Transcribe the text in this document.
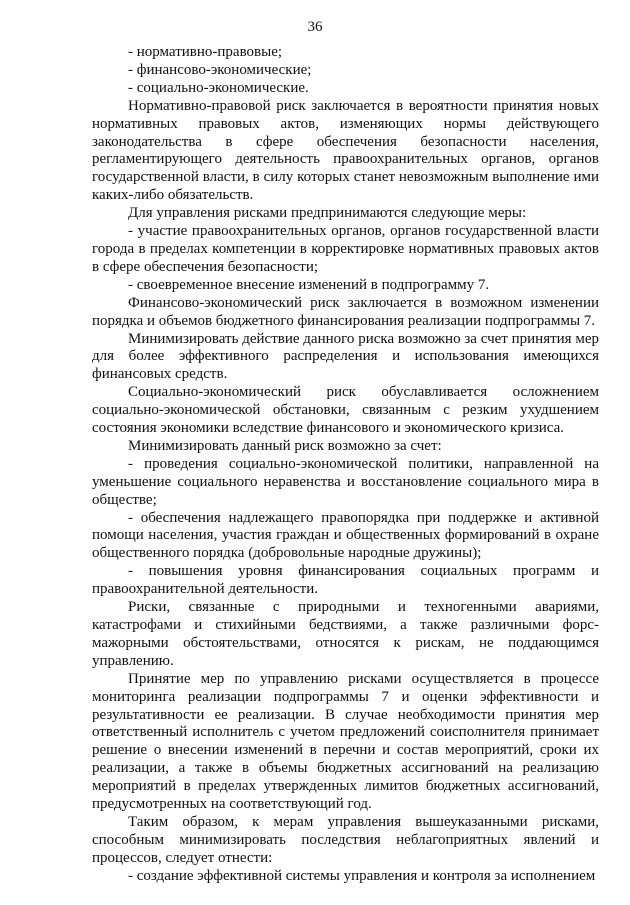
36

- нормативно-правовые;

- финансово-экономические;

- социально-экономические.

Нормативно-правовой риск заключается в вероятности принятия новых нормативных правовых актов, изменяющих нормы действующего законодательства в сфере обеспечения безопасности населения, регламентирующего деятельность правоохранительных органов, органов государственной власти, в силу которых станет невозможным выполнение ими каких-либо обязательств.

Для управления рисками предпринимаются следующие меры:

- участие правоохранительных органов, органов государственной власти города в пределах компетенции в корректировке нормативных правовых актов в сфере обеспечения безопасности;

- своевременное внесение изменений в подпрограмму 7.

Финансово-экономический риск заключается в возможном изменении порядка и объемов бюджетного финансирования реализации подпрограммы 7.

Минимизировать действие данного риска возможно за счет принятия мер для более эффективного распределения и использования имеющихся финансовых средств.

Социально-экономический риск обуславливается осложнением социально-экономической обстановки, связанным с резким ухудшением состояния экономики вследствие финансового и экономического кризиса.

Минимизировать данный риск возможно за счет:

- проведения социально-экономической политики, направленной на уменьшение социального неравенства и восстановление социального мира в обществе;

- обеспечения надлежащего правопорядка при поддержке и активной помощи населения, участия граждан и общественных формирований в охране общественного порядка (добровольные народные дружины);

- повышения уровня финансирования социальных программ и правоохранительной деятельности.

Риски, связанные с природными и техногенными авариями, катастрофами и стихийными бедствиями, а также различными форс-мажорными обстоятельствами, относятся к рискам, не поддающимся управлению.

Принятие мер по управлению рисками осуществляется в процессе мониторинга реализации подпрограммы 7 и оценки эффективности и результативности ее реализации. В случае необходимости принятия мер ответственный исполнитель с учетом предложений соисполнителя принимает решение о внесении изменений в перечни и состав мероприятий, сроки их реализации, а также в объемы бюджетных ассигнований на реализацию мероприятий в пределах утвержденных лимитов бюджетных ассигнований, предусмотренных на соответствующий год.

Таким образом, к мерам управления вышеуказанными рисками, способным минимизировать последствия неблагоприятных явлений и процессов, следует отнести:

- создание эффективной системы управления и контроля за исполнением
